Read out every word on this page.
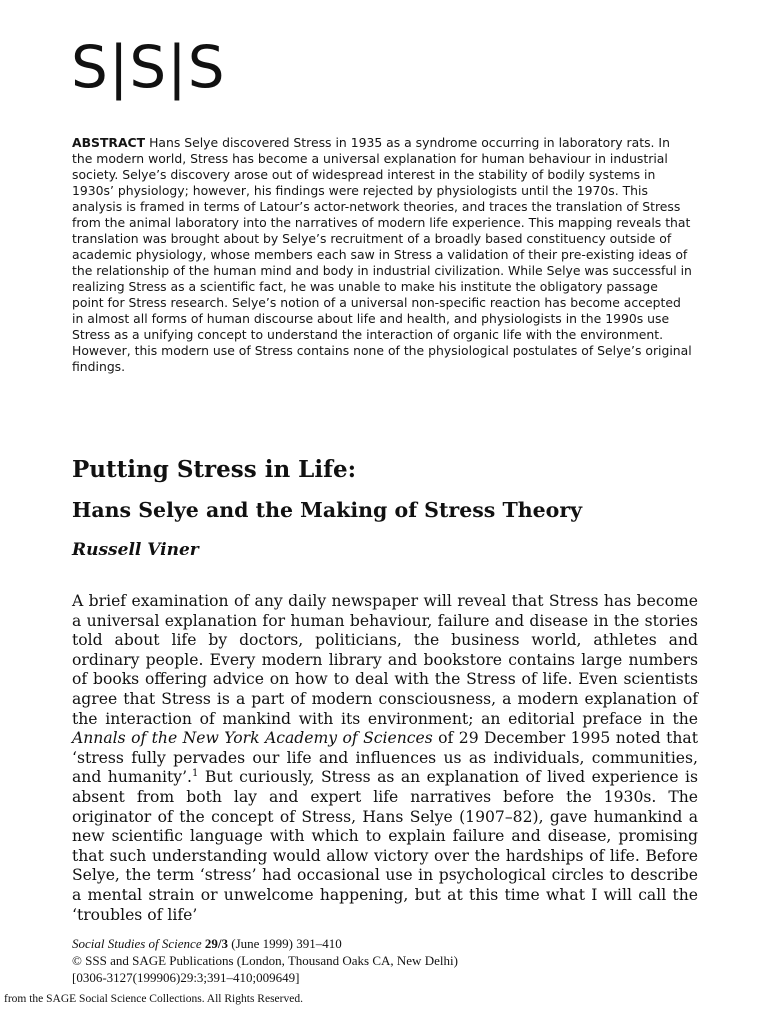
S|S|S
ABSTRACT Hans Selye discovered Stress in 1935 as a syndrome occurring in laboratory rats. In the modern world, Stress has become a universal explanation for human behaviour in industrial society. Selye’s discovery arose out of widespread interest in the stability of bodily systems in 1930s’ physiology; however, his findings were rejected by physiologists until the 1970s. This analysis is framed in terms of Latour’s actor-network theories, and traces the translation of Stress from the animal laboratory into the narratives of modern life experience. This mapping reveals that translation was brought about by Selye’s recruitment of a broadly based constituency outside of academic physiology, whose members each saw in Stress a validation of their pre-existing ideas of the relationship of the human mind and body in industrial civilization. While Selye was successful in realizing Stress as a scientific fact, he was unable to make his institute the obligatory passage point for Stress research. Selye’s notion of a universal non-specific reaction has become accepted in almost all forms of human discourse about life and health, and physiologists in the 1990s use Stress as a unifying concept to understand the interaction of organic life with the environment. However, this modern use of Stress contains none of the physiological postulates of Selye’s original findings.
Putting Stress in Life:
Hans Selye and the Making of Stress Theory
Russell Viner

A brief examination of any daily newspaper will reveal that Stress has become a universal explanation for human behaviour, failure and disease in the stories told about life by doctors, politicians, the business world, athletes and ordinary people. Every modern library and bookstore contains large numbers of books offering advice on how to deal with the Stress of life. Even scientists agree that Stress is a part of modern consciousness, a modern explanation of the interaction of mankind with its environment; an editorial preface in the Annals of the New York Academy of Sciences of 29 December 1995 noted that ‘stress fully pervades our life and influences us as individuals, communities, and humanity’.$^1$ But curiously, Stress as an explanation of lived experience is absent from both lay and expert life narratives before the 1930s. The originator of the concept of Stress, Hans Selye (1907–82), gave humankind a new scientific language with which to explain failure and disease, promising that such understanding would allow victory over the hardships of life. Before Selye, the term ‘stress’ had occasional use in psychological circles to describe a mental strain or unwelcome happening, but at this time what I will call the ‘troubles of life’

Social Studies of Science 29/3 (June 1999) 391–410
© SSS and SAGE Publications (London, Thousand Oaks CA, New Delhi)
[0306-3127(199906)29:3;391–410;009649]
from the SAGE Social Science Collections. All Rights Reserved.
